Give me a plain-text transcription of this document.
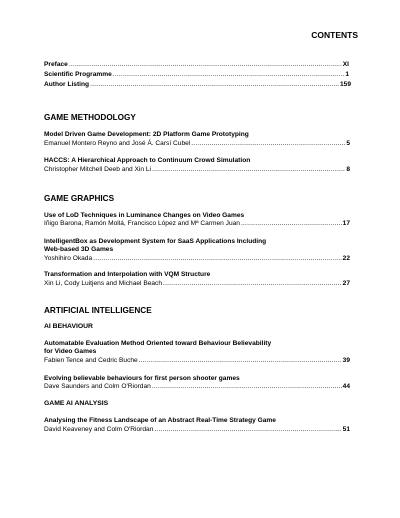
CONTENTS
Preface .....	XI
Scientific Programme .....	1
Author Listing .....	159
GAME METHODOLOGY
Model Driven Game Development: 2D Platform Game Prototyping
Emanuel Montero Reyno and José Á. Carsí Cubel .....	5
HACCS: A Hierarchical Approach to Continuum Crowd Simulation
Christopher Mitchell Deeb and Xin Li .....	8
GAME GRAPHICS
Use of LoD Techniques in Luminance Changes on Video Games
Iñigo Barona, Ramón Mollá, Francisco López and Mª Carmen Juan .....	17
IntelligentBox as Development System for SaaS Applications Including
Web-based 3D Games
Yoshihiro Okada .....	22
Transformation and Interpolation with VQM Structure
Xin Li, Cody Luitjens and Michael Beach .....	27
ARTIFICIAL INTELLIGENCE
AI BEHAVIOUR
Automatable Evaluation Method Oriented toward Behaviour Believability
for Video Games
Fabien Tence and Cedric Buche .....	39
Evolving believable behaviours for first person shooter games
Dave Saunders and Colm O'Riordan .....	44
GAME AI ANALYSIS
Analysing the Fitness Landscape of an Abstract Real-Time Strategy Game
David Keaveney and Colm O'Riordan .....	51
